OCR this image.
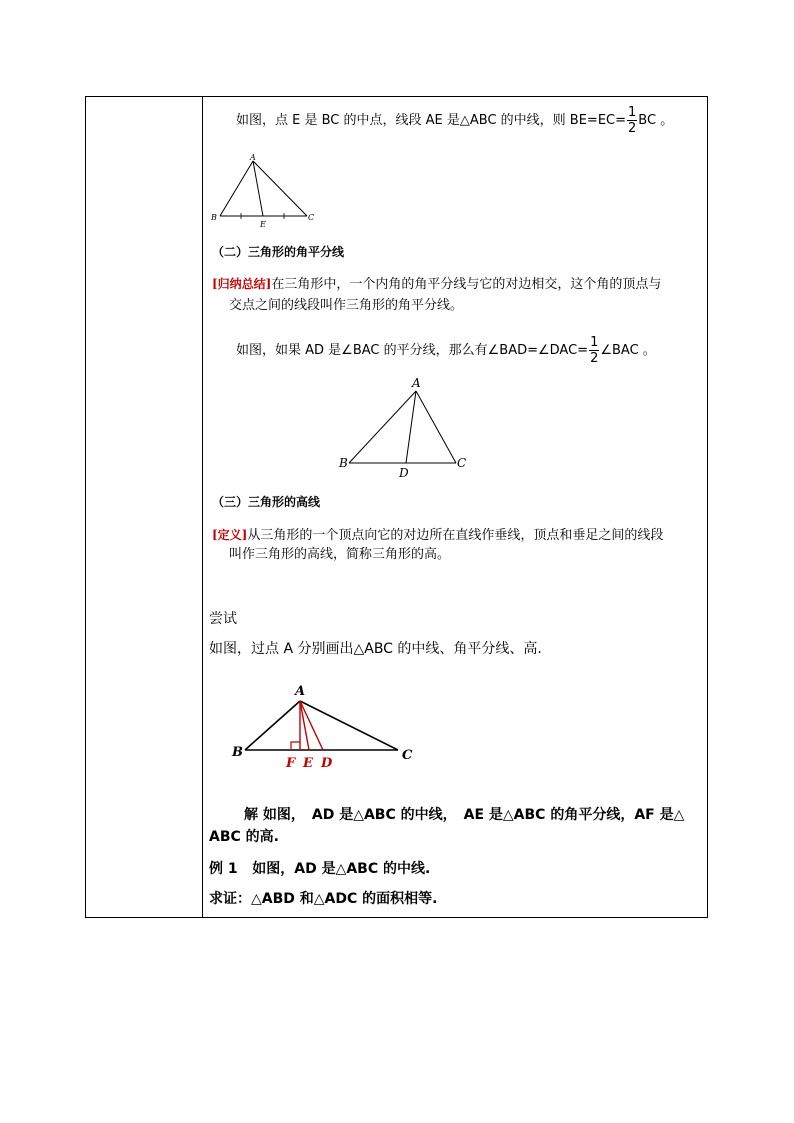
如图，点 E 是 BC 的中点，线段 AE 是△ABC 的中线，则 $BE=EC= \frac{1}{2}$ BC 。
A
B	C
E
（二）三角形的角平分线
[归纳总结]在三角形中，一个内角的角平分线与它的对边相交，这个角的顶点与
交点之间的线段叫作三角形的角平分线。
如图，如果 AD 是∠BAC 的平分线，那么有∠BAD=∠DAC= $\frac{1}{2}$ ∠BAC 。
A
B	C
D
（三）三角形的高线
[定义]从三角形的一个顶点向它的对边所在直线作垂线，顶点和垂足之间的线段
叫作三角形的高线，简称三角形的高。
尝试
如图，过点 A 分别画出△ABC 的中线、角平分线、高.
A
B	C
F E D
解 如图，　AD 是△ABC 的中线，　AE 是△ABC 的角平分线，AF 是△
ABC 的高.
例 1 如图，AD 是△ABC 的中线.
求证：△ABD 和△ADC 的面积相等.
